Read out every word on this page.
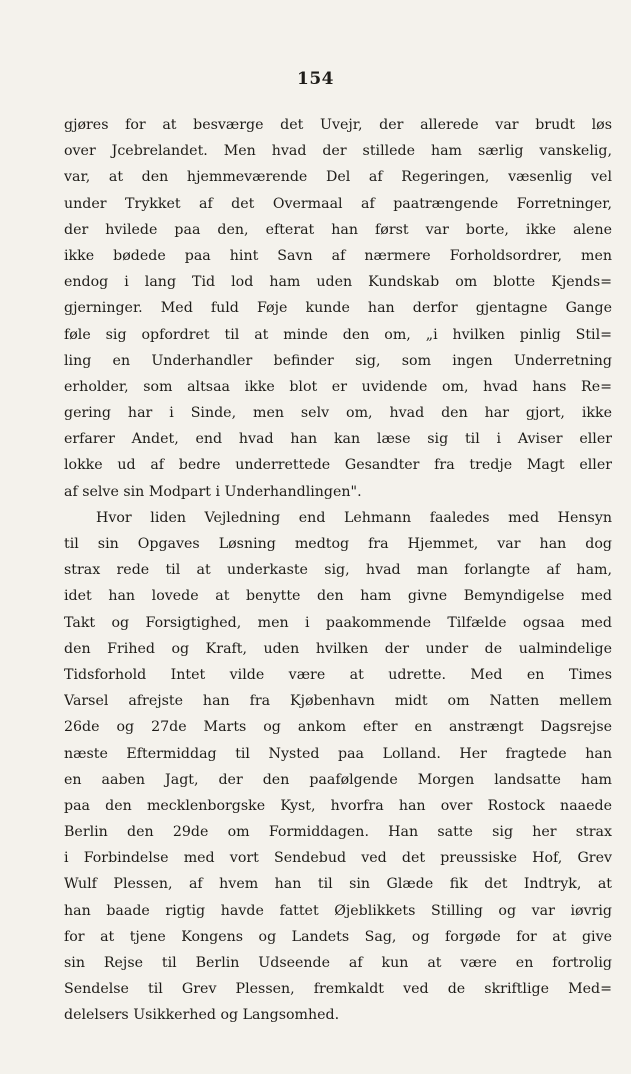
154
gjøres for at besværge det Uvejr, der allerede var brudt løs
over Jcebrelandet. Men hvad der stillede ham særlig vanskelig,
var, at den hjemmeværende Del af Regeringen, væsenlig vel
under Trykket af det Overmaal af paatrængende Forretninger,
der hvilede paa den, efterat han først var borte, ikke alene
ikke bødede paa hint Savn af nærmere Forholdsordrer, men
endog i lang Tid lod ham uden Kundskab om blotte Kjends=
gjerninger. Med fuld Føje kunde han derfor gjentagne Gange
føle sig opfordret til at minde den om, „i hvilken pinlig Stil=
ling en Underhandler befinder sig, som ingen Underretning
erholder, som altsaa ikke blot er uvidende om, hvad hans Re=
gering har i Sinde, men selv om, hvad den har gjort, ikke
erfarer Andet, end hvad han kan læse sig til i Aviser eller
lokke ud af bedre underrettede Gesandter fra tredje Magt eller
af selve sin Modpart i Underhandlingen".
Hvor liden Vejledning end Lehmann faaledes med Hensyn
til sin Opgaves Løsning medtog fra Hjemmet, var han dog
strax rede til at underkaste sig, hvad man forlangte af ham,
idet han lovede at benytte den ham givne Bemyndigelse med
Takt og Forsigtighed, men i paakommende Tilfælde ogsaa med
den Frihed og Kraft, uden hvilken der under de ualmindelige
Tidsforhold Intet vilde være at udrette. Med en Times
Varsel afrejste han fra Kjøbenhavn midt om Natten mellem
26de og 27de Marts og ankom efter en anstrængt Dagsrejse
næste Eftermiddag til Nysted paa Lolland. Her fragtede han
en aaben Jagt, der den paafølgende Morgen landsatte ham
paa den mecklenborgske Kyst, hvorfra han over Rostock naaede
Berlin den 29de om Formiddagen. Han satte sig her strax
i Forbindelse med vort Sendebud ved det preussiske Hof, Grev
Wulf Plessen, af hvem han til sin Glæde fik det Indtryk, at
han baade rigtig havde fattet Øjeblikkets Stilling og var iøvrig
for at tjene Kongens og Landets Sag, og forgøde for at give
sin Rejse til Berlin Udseende af kun at være en fortrolig
Sendelse til Grev Plessen, fremkaldt ved de skriftlige Med=
delelsers Usikkerhed og Langsomhed.
